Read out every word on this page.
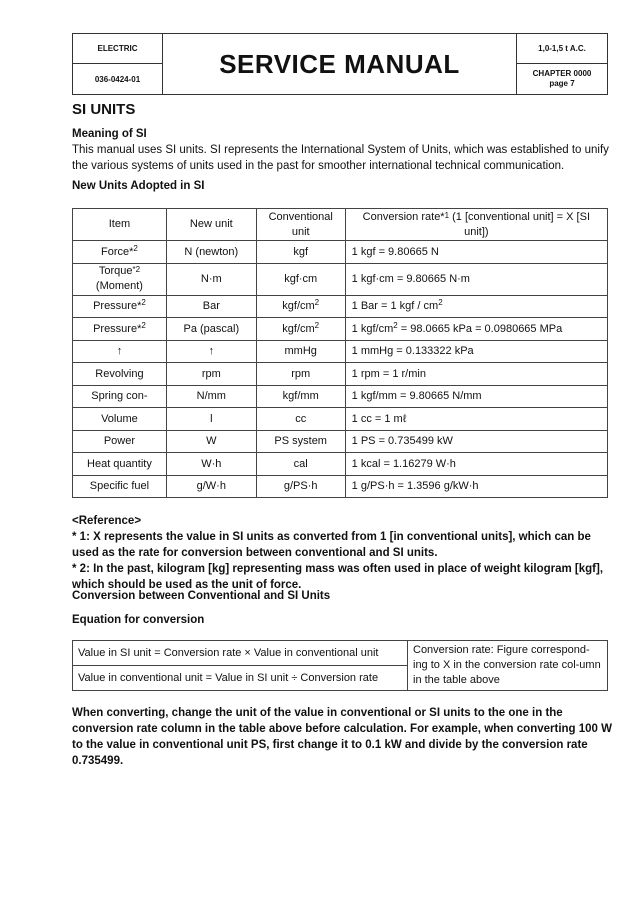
ELECTRIC
036-0424-01
SERVICE MANUAL	1,0-1,5 t A.C.
CHAPTER 0000
page 7
SI UNITS
Meaning of SI
This manual uses SI units. SI represents the International System of Units, which was established to unify the various systems of units used in the past for smoother international technical communication.
New Units Adopted in SI
Item	New unit	Conventional unit	Conversion rate*$^1$ (1 [conventional unit] = X [SI unit])
Force*$^2$	N (newton)	kgf	1 kgf = 9.80665 N
Torque$^{*2}$
(Moment)	N·m	kgf·cm	1 kgf·cm = 9.80665 N·m
Pressure*$^2$	Bar	kgf/$cm^2$	1 Bar = 1 kgf / $cm^2$
Pressure*$^2$	Pa (pascal)	kgf/$cm^2$	1 kgf/$cm^2 = 98.0665$ kPa = 0.0980665 MPa
↑	↑	mmHg	1 mmHg = 0.133322 kPa
Revolving	rpm	rpm	1 rpm = 1 r/min
Spring con-	N/mm	kgf/mm	1 kgf/mm = 9.80665 N/mm
Volume	l	cc	1 cc = 1 mℓ
Power	W	PS system	1 PS = 0.735499 kW
Heat quantity	W·h	cal	1 kcal = 1.16279 W·h
Specific fuel	g/W·h	g/PS·h	1 g/PS·h = 1.3596 g/kW·h
<Reference>
* 1: X represents the value in SI units as converted from 1 [in conventional units], which can be used as the rate for conversion between conventional and SI units.
* 2: In the past, kilogram [kg] representing mass was often used in place of weight kilogram [kgf], which should be used as the unit of force.
Conversion between Conventional and SI Units
Equation for conversion
Value in SI unit = Conversion rate × Value in conventional unit	Conversion rate: Figure correspond-ing to X in the conversion rate col-umn in the table above
Value in conventional unit = Value in SI unit ÷ Conversion rate
When converting, change the unit of the value in conventional or SI units to the one in the conversion rate column in the table above before calculation. For example, when converting 100 W to the value in conventional unit PS, first change it to 0.1 kW and divide by the conversion rate 0.735499.
